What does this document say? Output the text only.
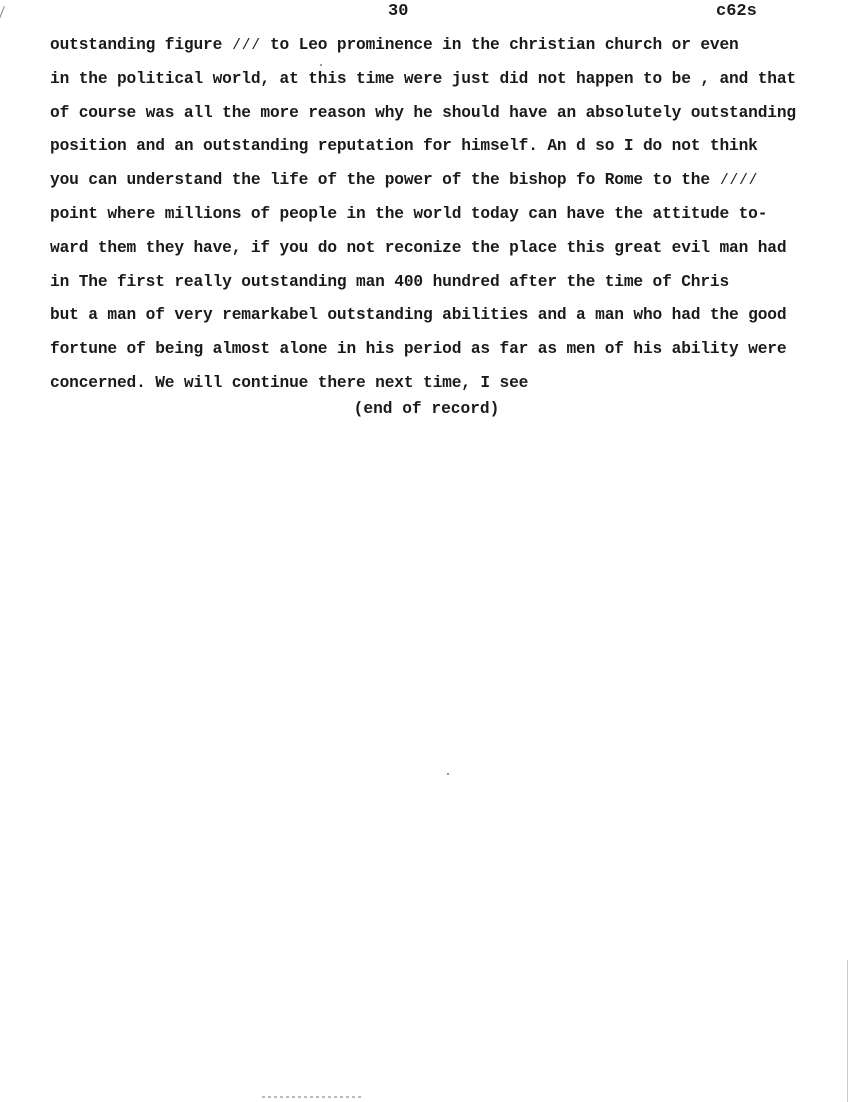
30	c62s
outstanding figure ⁄⁄⁄ to Leo prominence in the christian church or even
in the political world, at this time were just did not happen to be , and that
of course was all the more reason why he should have an absolutely outstanding
position and an outstanding reputation for himself. An d so I do not think
you can understand the life of the power of the bishop fo Rome to the ⁄⁄⁄⁄
point where millions of people in the world today can have the attitude to-
ward them they have, if you do not reconize the place this great evil man had
in The first really outstanding man 400 hundred after the time of Chris
but a man of very remarkabel outstanding abilities and a man who had the good
fortune of being almost alone in his period as far as men of his ability were
concerned. We will continue there next time, I see
(end of record)
